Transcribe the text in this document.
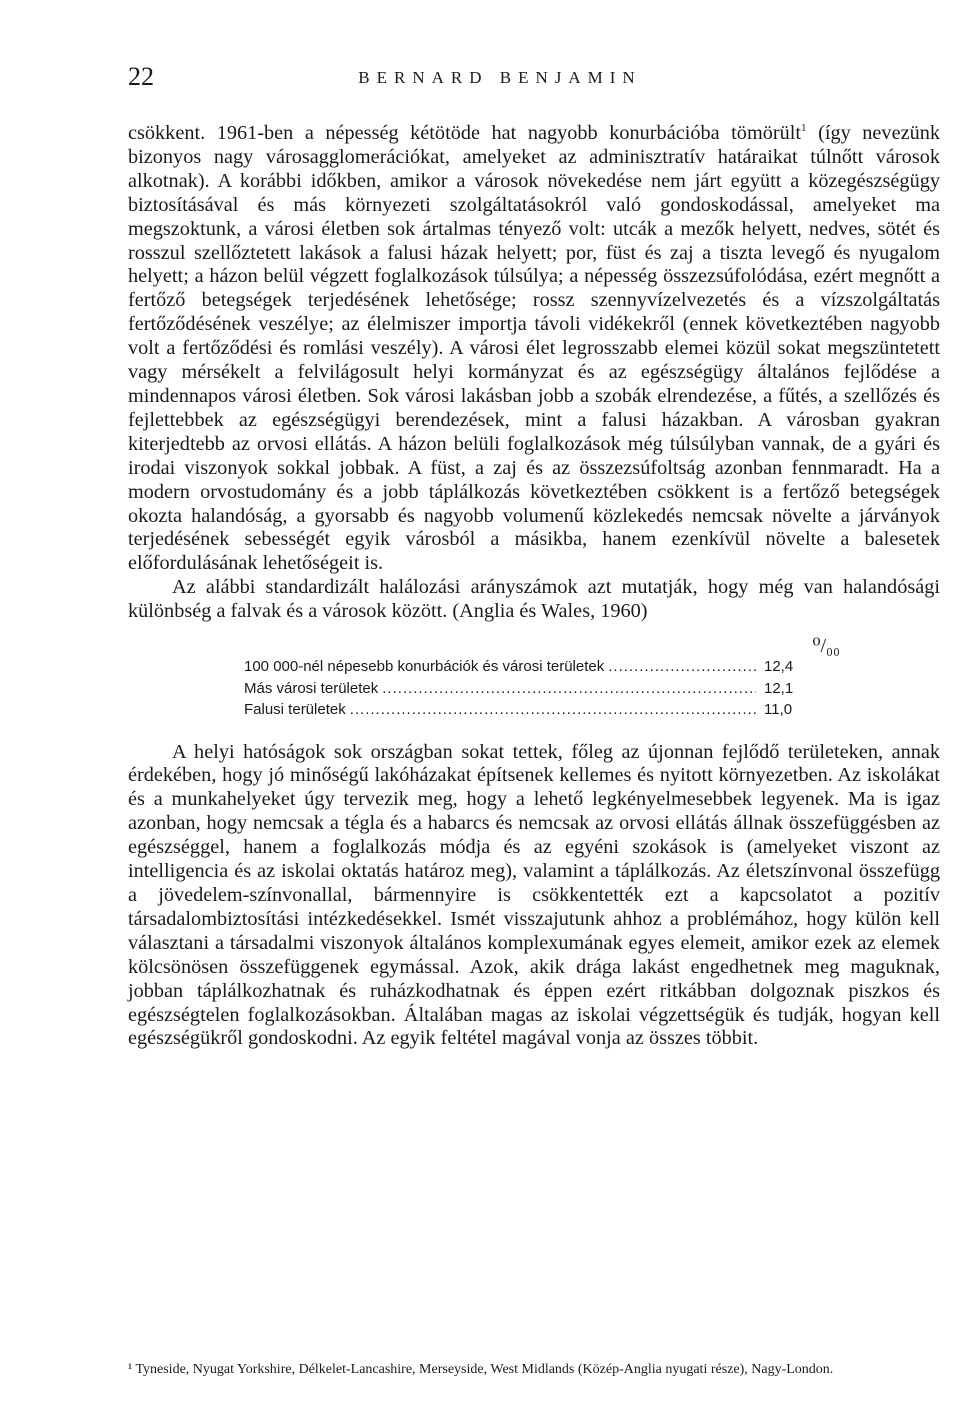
22	BERNARD BENJAMIN

csökkent. 1961-ben a népesség kétötöde hat nagyobb konurbációba tömörült$^1$ (így nevezünk bizonyos nagy városagglomerációkat, amelyeket az adminisztratív határaikat túlnőtt városok alkotnak). A korábbi időkben, amikor a városok növekedése nem járt együtt a közegészségügy biztosításával és más környezeti szolgáltatásokról való gondoskodással, amelyeket ma megszoktunk, a városi életben sok ártalmas tényező volt: utcák a mezők helyett, nedves, sötét és rosszul szellőztetett lakások a falusi házak helyett; por, füst és zaj a tiszta levegő és nyugalom helyett; a házon belül végzett foglalkozások túlsúlya; a népesség összezsúfolódása, ezért megnőtt a fertőző betegségek terjedésének lehetősége; rossz szennyvízelvezetés és a vízszolgáltatás fertőződésének veszélye; az élelmiszer importja távoli vidékekről (ennek következtében nagyobb volt a fertőződési és romlási veszély). A városi élet legrosszabb elemei közül sokat megszüntetett vagy mérsékelt a felvilágosult helyi kormányzat és az egészségügy általános fejlődése a mindennapos városi életben. Sok városi lakásban jobb a szobák elrendezése, a fűtés, a szellőzés és fejlettebbek az egészségügyi berendezések, mint a falusi házakban. A városban gyakran kiterjedtebb az orvosi ellátás. A házon belüli foglalkozások még túlsúlyban vannak, de a gyári és irodai viszonyok sokkal jobbak. A füst, a zaj és az összezsúfoltság azonban fennmaradt. Ha a modern orvostudomány és a jobb táplálkozás következtében csökkent is a fertőző betegségek okozta halandóság, a gyorsabb és nagyobb volumenű közlekedés nemcsak növelte a járványok terjedésének sebességét egyik városból a másikba, hanem ezenkívül növelte a balesetek előfordulásának lehetőségeit is.

Az alábbi standardizált halálozási arányszámok azt mutatják, hogy még van halandósági különbség a falvak és a városok között. (Anglia és Wales, 1960)

⁰/₀₀
100 000-nél népesebb konurbációk és városi területek .....	12,4
Más városi területek .....	12,1
Falusi területek .....	11,0

A helyi hatóságok sok országban sokat tettek, főleg az újonnan fejlődő területeken, annak érdekében, hogy jó minőségű lakóházakat építsenek kellemes és nyitott környezetben. Az iskolákat és a munkahelyeket úgy tervezik meg, hogy a lehető legkényelmesebbek legyenek. Ma is igaz azonban, hogy nemcsak a tégla és a habarcs és nemcsak az orvosi ellátás állnak összefüggésben az egészséggel, hanem a foglalkozás módja és az egyéni szokások is (amelyeket viszont az intelligencia és az iskolai oktatás határoz meg), valamint a táplálkozás. Az életszínvonal összefügg a jövedelem-színvonallal, bármennyire is csökkentették ezt a kapcsolatot a pozitív társadalombiztosítási intézkedésekkel. Ismét visszajutunk ahhoz a problémához, hogy külön kell választani a társadalmi viszonyok általános komplexumának egyes elemeit, amikor ezek az elemek kölcsönösen összefüggenek egymással. Azok, akik drága lakást engedhetnek meg maguknak, jobban táplálkozhatnak és ruházkodhatnak és éppen ezért ritkábban dolgoznak piszkos és egészségtelen foglalkozásokban. Általában magas az iskolai végzettségük és tudják, hogyan kell egészségükről gondoskodni. Az egyik feltétel magával vonja az összes többit.

¹ Tyneside, Nyugat Yorkshire, Délkelet-Lancashire, Merseyside, West Midlands (Közép-Anglia nyugati része), Nagy-London.
